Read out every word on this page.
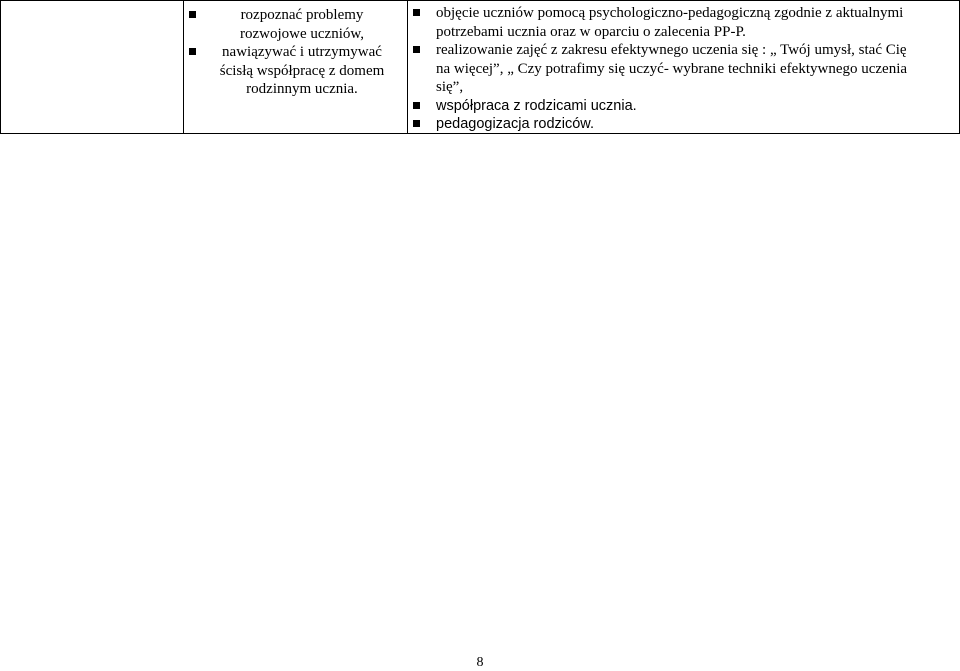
rozpoznać problemy rozwojowe uczniów,
nawiązywać i utrzymywać ścisłą współpracę z domem rodzinnym ucznia.
objęcie uczniów pomocą psychologiczno-pedagogiczną zgodnie z aktualnymi
potrzebami ucznia oraz w oparciu o zalecenia PP-P.
realizowanie zajęć z zakresu efektywnego uczenia się : „ Twój umysł, stać Cię
na więcej”, „ Czy potrafimy się uczyć- wybrane techniki efektywnego uczenia
się”,
współpraca z rodzicami ucznia.
pedagogizacja rodziców.
8
